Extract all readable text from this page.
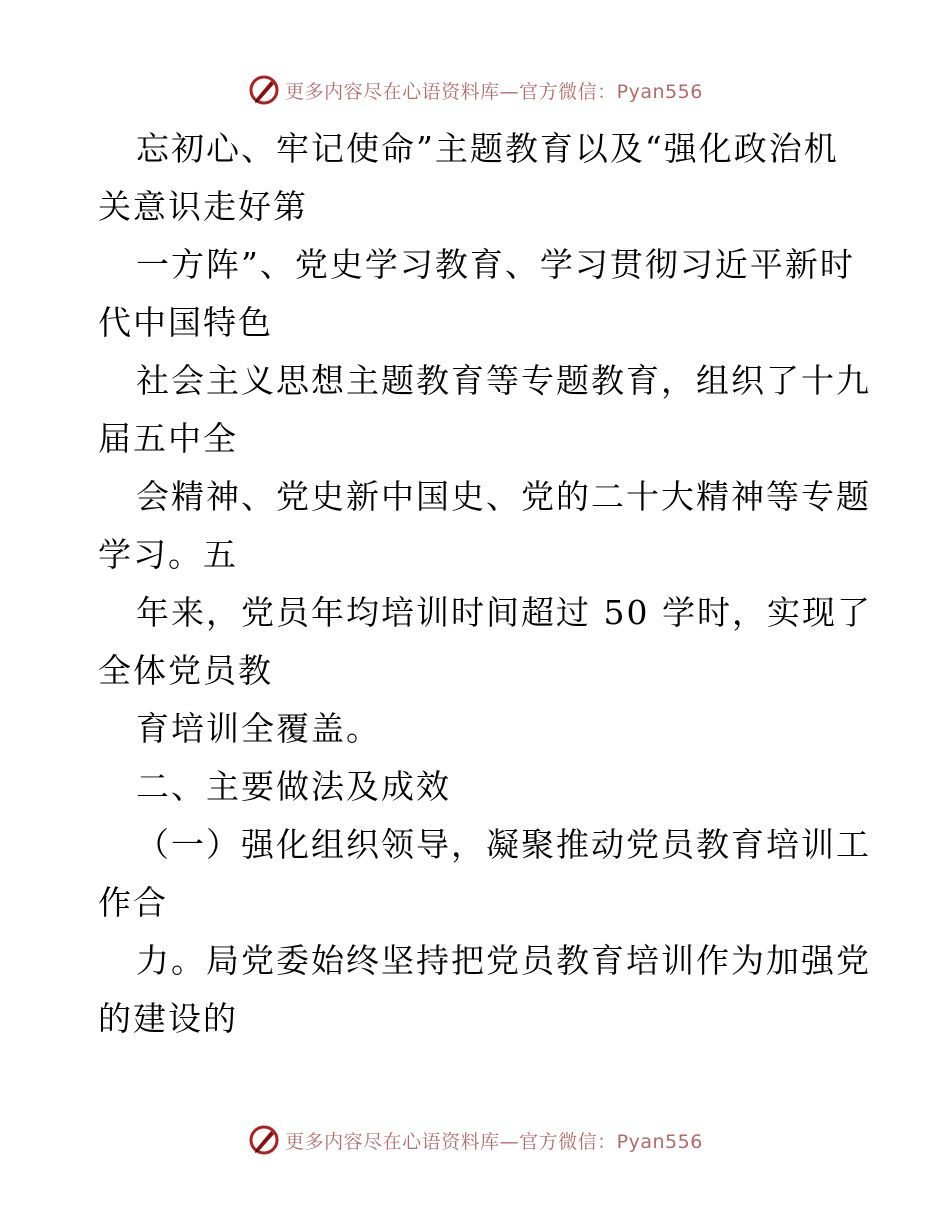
更多内容尽在心语资料库—官方微信：Pyan556
忘初心、牢记使命”主题教育以及“强化政治机
关意识走好第
一方阵”、党史学习教育、学习贯彻习近平新时
代中国特色
社会主义思想主题教育等专题教育，组织了十九
届五中全
会精神、党史新中国史、党的二十大精神等专题
学习。五
年来，党员年均培训时间超过 50 学时，实现了
全体党员教
育培训全覆盖。
二、主要做法及成效
（一）强化组织领导，凝聚推动党员教育培训工
作合
力。局党委始终坚持把党员教育培训作为加强党
的建设的
更多内容尽在心语资料库—官方微信：Pyan556
